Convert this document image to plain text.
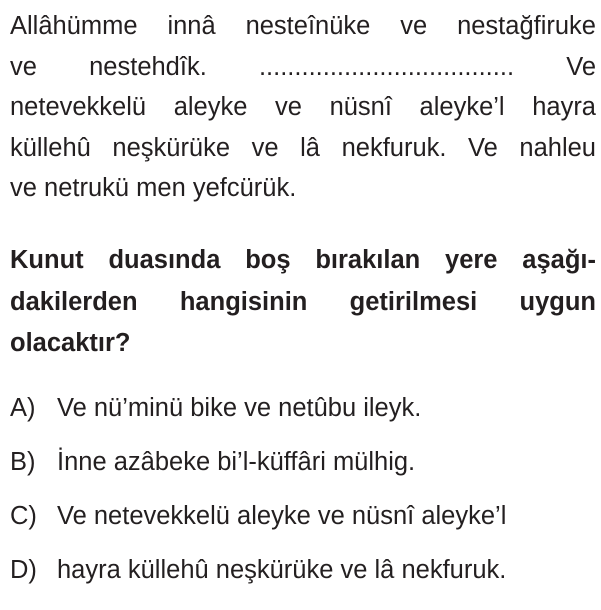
Allâhümme innâ nesteînüke ve nestağfiruke
ve nestehdîk. .................................... Ve
netevekkelü aleyke ve nüsnî aleyke’l hayra
küllehû neşkürüke ve lâ nekfuruk. Ve nahleu
ve netrukü men yefcürük.

Kunut duasında boş bırakılan yere aşağı-
dakilerden hangisinin getirilmesi uygun
olacaktır?

A) Ve nü’minü bike ve netûbu ileyk.
B) İnne azâbeke bi’l-küffâri mülhig.
C) Ve netevekkelü aleyke ve nüsnî aleyke’l
D) hayra küllehû neşkürüke ve lâ nekfuruk.
